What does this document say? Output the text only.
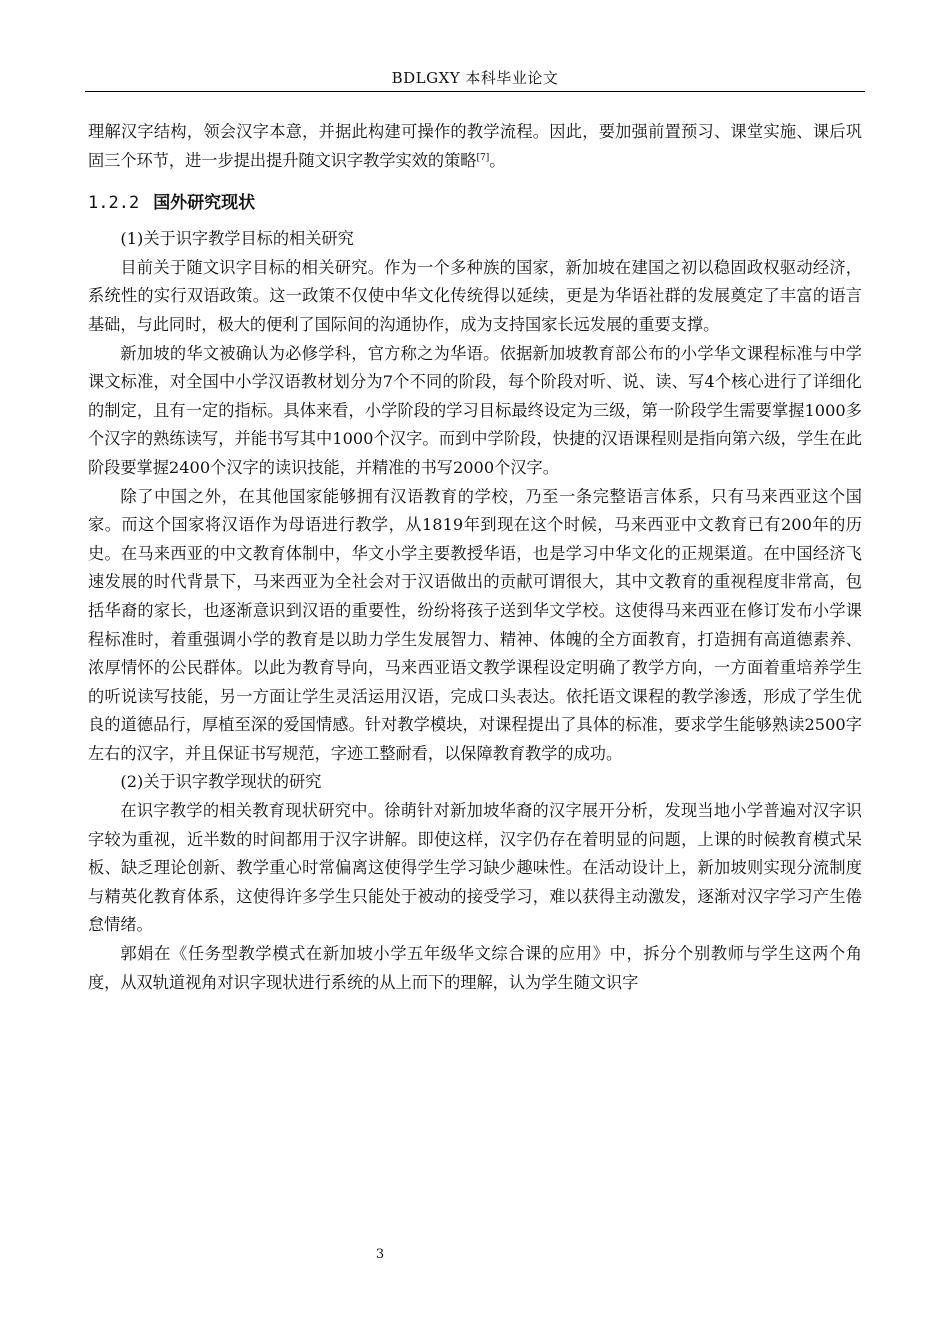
BDLGXY 本科毕业论文

理解汉字结构，领会汉字本意，并据此构建可操作的教学流程。因此，要加强前置预习、课堂实施、课后巩固三个环节，进一步提出提升随文识字教学实效的策略[7]。

1.2.2 国外研究现状

(1)关于识字教学目标的相关研究

目前关于随文识字目标的相关研究。作为一个多种族的国家，新加坡在建国之初以稳固政权驱动经济，系统性的实行双语政策。这一政策不仅使中华文化传统得以延续，更是为华语社群的发展奠定了丰富的语言基础，与此同时，极大的便利了国际间的沟通协作，成为支持国家长远发展的重要支撑。

新加坡的华文被确认为必修学科，官方称之为华语。依据新加坡教育部公布的小学华文课程标准与中学课文标准，对全国中小学汉语教材划分为7个不同的阶段，每个阶段对听、说、读、写4个核心进行了详细化的制定，且有一定的指标。具体来看，小学阶段的学习目标最终设定为三级，第一阶段学生需要掌握1000多个汉字的熟练读写，并能书写其中1000个汉字。而到中学阶段，快捷的汉语课程则是指向第六级，学生在此阶段要掌握2400个汉字的读识技能，并精准的书写2000个汉字。

除了中国之外，在其他国家能够拥有汉语教育的学校，乃至一条完整语言体系，只有马来西亚这个国家。而这个国家将汉语作为母语进行教学，从1819年到现在这个时候，马来西亚中文教育已有200年的历史。在马来西亚的中文教育体制中，华文小学主要教授华语，也是学习中华文化的正规渠道。在中国经济飞速发展的时代背景下，马来西亚为全社会对于汉语做出的贡献可谓很大，其中文教育的重视程度非常高，包括华裔的家长，也逐渐意识到汉语的重要性，纷纷将孩子送到华文学校。这使得马来西亚在修订发布小学课程标准时，着重强调小学的教育是以助力学生发展智力、精神、体魄的全方面教育，打造拥有高道德素养、浓厚情怀的公民群体。以此为教育导向，马来西亚语文教学课程设定明确了教学方向，一方面着重培养学生的听说读写技能，另一方面让学生灵活运用汉语，完成口头表达。依托语文课程的教学渗透，形成了学生优良的道德品行，厚植至深的爱国情感。针对教学模块，对课程提出了具体的标准，要求学生能够熟读2500字左右的汉字，并且保证书写规范，字迹工整耐看，以保障教育教学的成功。

(2)关于识字教学现状的研究

在识字教学的相关教育现状研究中。徐萌针对新加坡华裔的汉字展开分析，发现当地小学普遍对汉字识字较为重视，近半数的时间都用于汉字讲解。即使这样，汉字仍存在着明显的问题，上课的时候教育模式呆板、缺乏理论创新、教学重心时常偏离这使得学生学习缺少趣味性。在活动设计上，新加坡则实现分流制度与精英化教育体系，这使得许多学生只能处于被动的接受学习，难以获得主动激发，逐渐对汉字学习产生倦怠情绪。

郭娟在《任务型教学模式在新加坡小学五年级华文综合课的应用》中，拆分个别教师与学生这两个角度，从双轨道视角对识字现状进行系统的从上而下的理解，认为学生随文识字

3
